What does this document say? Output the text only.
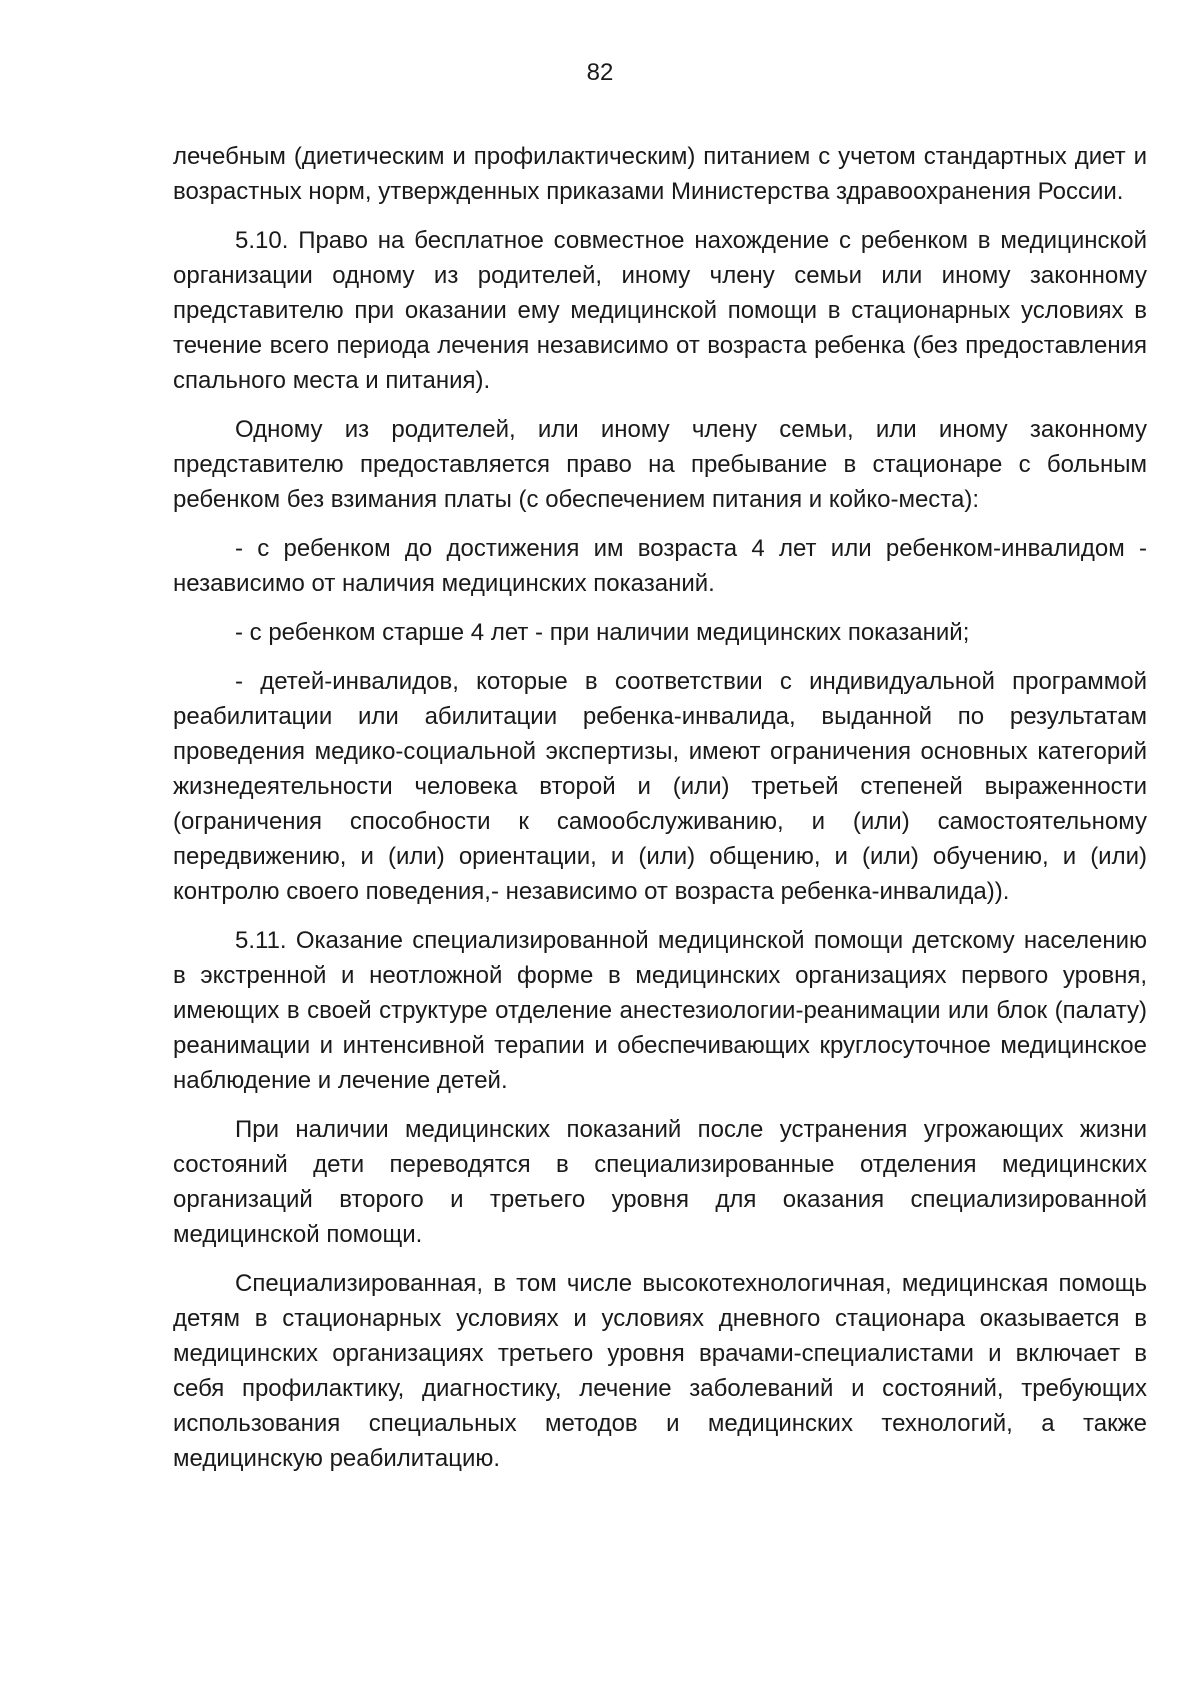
82

лечебным (диетическим и профилактическим) питанием с учетом стандартных диет и возрастных норм, утвержденных приказами Министерства здравоохранения России.

5.10. Право на бесплатное совместное нахождение с ребенком в медицинской организации одному из родителей, иному члену семьи или иному законному представителю при оказании ему медицинской помощи в стационарных условиях в течение всего периода лечения независимо от возраста ребенка (без предоставления спального места и питания).

Одному из родителей, или иному члену семьи, или иному законному представителю предоставляется право на пребывание в стационаре с больным ребенком без взимания платы (с обеспечением питания и койко-места):

- с ребенком до достижения им возраста 4 лет или ребенком-инвалидом - независимо от наличия медицинских показаний.

- с ребенком старше 4 лет - при наличии медицинских показаний;

- детей-инвалидов, которые в соответствии с индивидуальной программой реабилитации или абилитации ребенка-инвалида, выданной по результатам проведения медико-социальной экспертизы, имеют ограничения основных категорий жизнедеятельности человека второй и (или) третьей степеней выраженности (ограничения способности к самообслуживанию, и (или) самостоятельному передвижению, и (или) ориентации, и (или) общению, и (или) обучению, и (или) контролю своего поведения,- независимо от возраста ребенка-инвалида)).

5.11. Оказание специализированной медицинской помощи детскому населению в экстренной и неотложной форме в медицинских организациях первого уровня, имеющих в своей структуре отделение анестезиологии-реанимации или блок (палату) реанимации и интенсивной терапии и обеспечивающих круглосуточное медицинское наблюдение и лечение детей.

При наличии медицинских показаний после устранения угрожающих жизни состояний дети переводятся в специализированные отделения медицинских организаций второго и третьего уровня для оказания специализированной медицинской помощи.

Специализированная, в том числе высокотехнологичная, медицинская помощь детям в стационарных условиях и условиях дневного стационара оказывается в медицинских организациях третьего уровня врачами-специалистами и включает в себя профилактику, диагностику, лечение заболеваний и состояний, требующих использования специальных методов и медицинских технологий, а также медицинскую реабилитацию.
